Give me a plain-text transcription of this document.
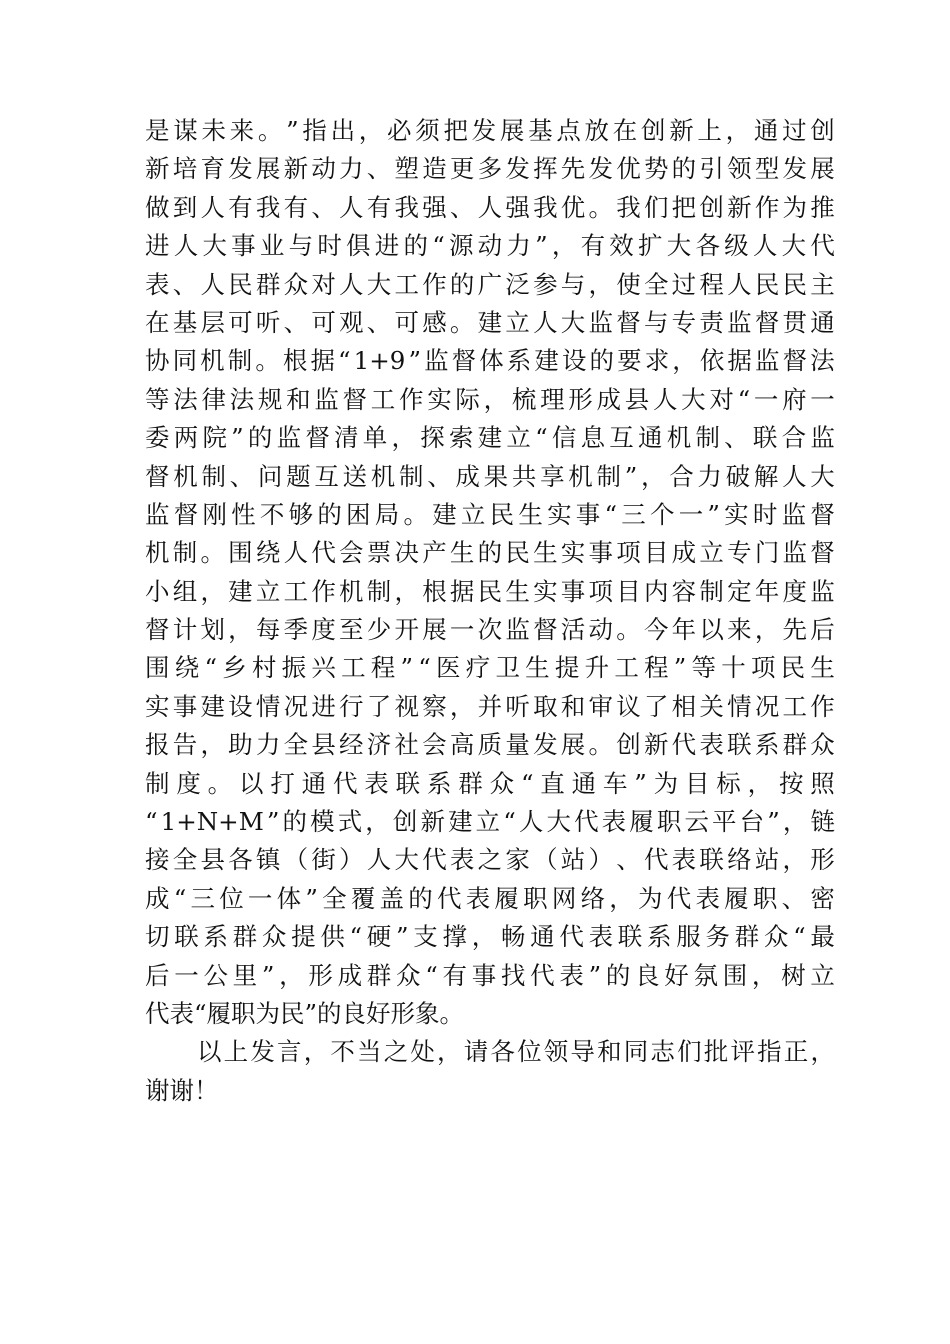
是 谋 未 来 。 ” 指 出 ， 必 须 把 发 展 基 点 放 在 创 新 上 ， 通 过 创
新 培 育 发 展 新 动 力 、 塑 造 更 多 发 挥 先 发 优 势 的 引 领 型 发 展
做 到 人 有 我 有 、 人 有 我 强 、 人 强 我 优 。 我 们 把 创 新 作 为 推
进 人 大 事 业 与 时 俱 进 的 “ 源 动 力 ” ， 有 效 扩 大 各 级 人 大 代
表 、 人 民 群 众 对 人 大 工 作 的 广 泛 参 与 ， 使 全 过 程 人 民 民 主
在 基 层 可 听 、 可 观 、 可 感 。 建 立 人 大 监 督 与 专 责 监 督 贯 通
协 同 机 制 。 根 据 “ 1+9 ” 监 督 体 系 建 设 的 要 求 ， 依 据 监 督 法
等 法 律 法 规 和 监 督 工 作 实 际 ， 梳 理 形 成 县 人 大 对 “ 一 府 一
委 两 院 ” 的 监 督 清 单 ， 探 索 建 立 “ 信 息 互 通 机 制 、 联 合 监
督 机 制 、 问 题 互 送 机 制 、 成 果 共 享 机 制 ” ， 合 力 破 解 人 大
监 督 刚 性 不 够 的 困 局 。 建 立 民 生 实 事 “ 三 个 一 ” 实 时 监 督
机 制 。 围 绕 人 代 会 票 决 产 生 的 民 生 实 事 项 目 成 立 专 门 监 督
小 组 ， 建 立 工 作 机 制 ， 根 据 民 生 实 事 项 目 内 容 制 定 年 度 监
督 计 划 ， 每 季 度 至 少 开 展 一 次 监 督 活 动 。 今 年 以 来 ， 先 后
围 绕 “ 乡 村 振 兴 工 程 ” “ 医 疗 卫 生 提 升 工 程 ” 等 十 项 民 生
实 事 建 设 情 况 进 行 了 视 察 ， 并 听 取 和 审 议 了 相 关 情 况 工 作
报 告 ， 助 力 全 县 经 济 社 会 高 质 量 发 展 。 创 新 代 表 联 系 群 众
制 度 。 以 打 通 代 表 联 系 群 众 “ 直 通 车 ” 为 目 标 ， 按 照
“ 1+N+M ” 的 模 式 ， 创 新 建 立 “ 人 大 代 表 履 职 云 平 台 ” ， 链
接 全 县 各 镇 （ 街 ） 人 大 代 表 之 家 （ 站 ） 、 代 表 联 络 站 ， 形
成 “ 三 位 一 体 ” 全 覆 盖 的 代 表 履 职 网 络 ， 为 代 表 履 职 、 密
切 联 系 群 众 提 供 “ 硬 ” 支 撑 ， 畅 通 代 表 联 系 服 务 群 众 “ 最
后 一 公 里 ” ， 形 成 群 众 “ 有 事 找 代 表 ” 的 良 好 氛 围 ， 树 立
代表“履职为民”的良好形象。
以 上 发 言 ， 不 当 之 处 ， 请 各 位 领 导 和 同 志 们 批 评 指 正 ，
谢谢！
